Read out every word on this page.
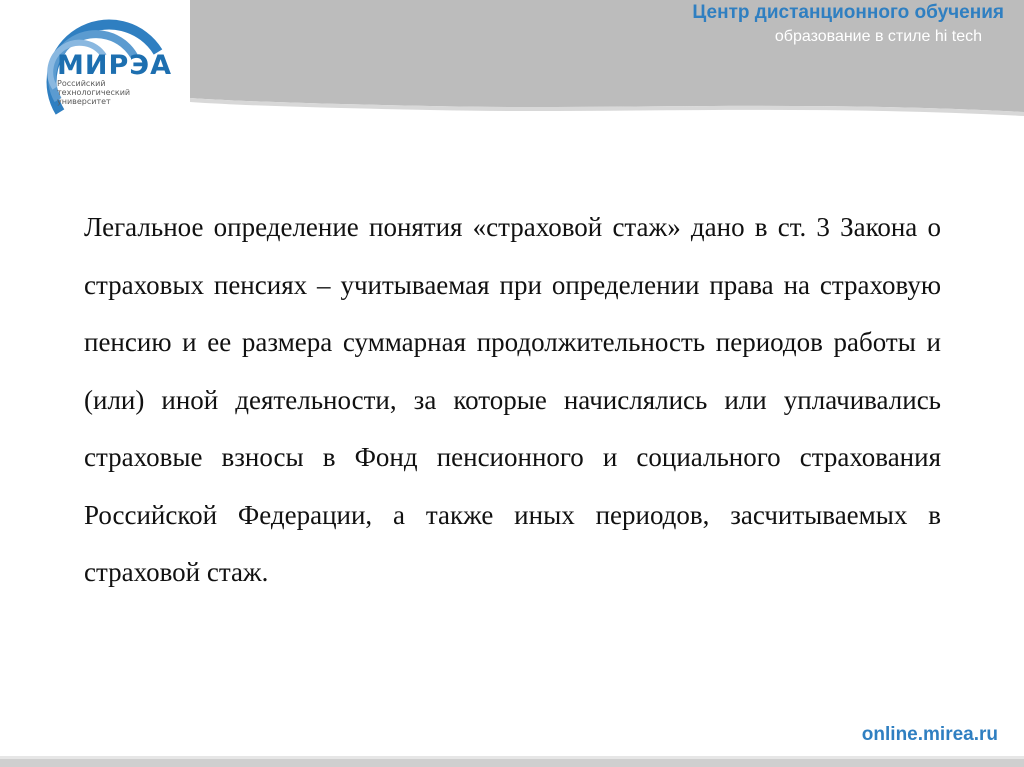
МИРЭА
Российский
технологический
университет
Центр дистанционного обучения
образование в стиле hi tech

Легальное определение понятия «страховой стаж» дано в ст. 3 Закона о страховых пенсиях – учитываемая при определении права на страховую пенсию и ее размера суммарная продолжительность периодов работы и (или) иной деятельности, за которые начислялись или уплачивались страховые взносы в Фонд пенсионного и социального страхования Российской Федерации, а также иных периодов, засчитываемых в страховой стаж.

online.mirea.ru
